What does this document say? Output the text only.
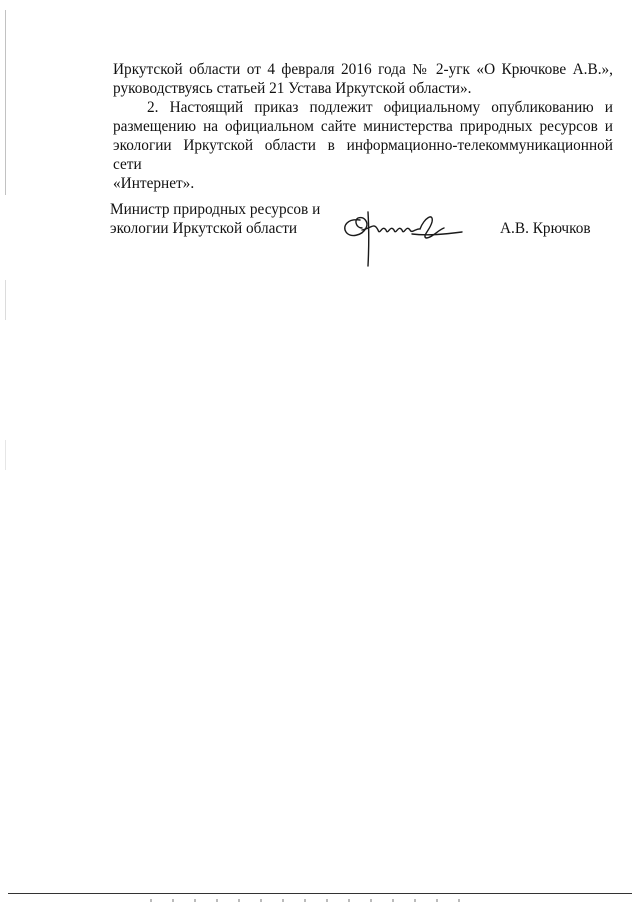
Иркутской области от 4 февраля 2016 года № 2-угк «О Крючкове А.В.»,
руководствуясь статьей 21 Устава Иркутской области».

2. Настоящий приказ подлежит официальному опубликованию и
размещению на официальном сайте министерства природных ресурсов и
экологии Иркутской области в информационно-телекоммуникационной сети
«Интернет».

Министр природных ресурсов и
экологии Иркутской области	А.В. Крючков
